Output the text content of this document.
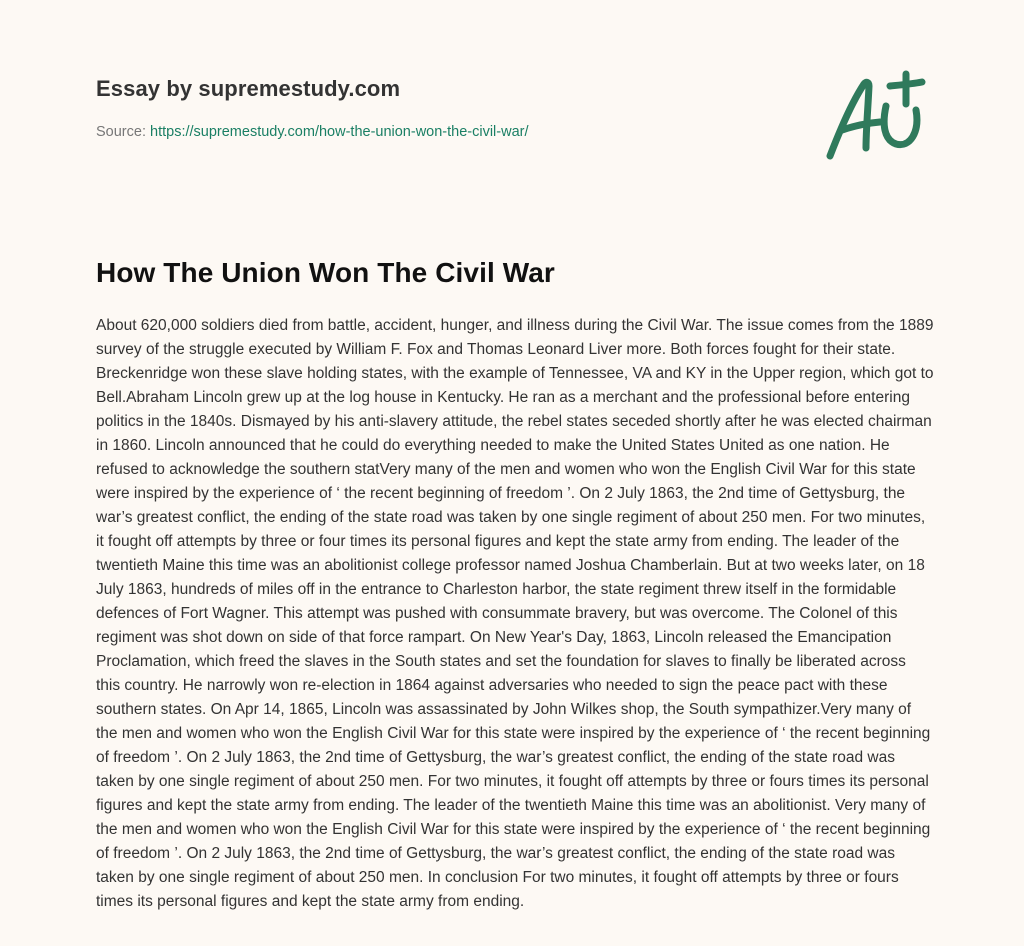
Essay by supremestudy.com
Source: https://supremestudy.com/how-the-union-won-the-civil-war/
How The Union Won The Civil War

About 620,000 soldiers died from battle, accident, hunger, and illness during the Civil War. The issue comes from the 1889 survey of the struggle executed by William F. Fox and Thomas Leonard Liver more. Both forces fought for their state. Breckenridge won these slave holding states, with the example of Tennessee, VA and KY in the Upper region, which got to Bell.Abraham Lincoln grew up at the log house in Kentucky. He ran as a merchant and the professional before entering politics in the 1840s. Dismayed by his anti-slavery attitude, the rebel states seceded shortly after he was elected chairman in 1860. Lincoln announced that he could do everything needed to make the United States United as one nation. He refused to acknowledge the southern statVery many of the men and women who won the English Civil War for this state were inspired by the experience of ‘ the recent beginning of freedom ’. On 2 July 1863, the 2nd time of Gettysburg, the war’s greatest conflict, the ending of the state road was taken by one single regiment of about 250 men. For two minutes, it fought off attempts by three or four times its personal figures and kept the state army from ending. The leader of the twentieth Maine this time was an abolitionist college professor named Joshua Chamberlain. But at two weeks later, on 18 July 1863, hundreds of miles off in the entrance to Charleston harbor, the state regiment threw itself in the formidable defences of Fort Wagner. This attempt was pushed with consummate bravery, but was overcome. The Colonel of this regiment was shot down on side of that force rampart. On New Year's Day, 1863, Lincoln released the Emancipation Proclamation, which freed the slaves in the South states and set the foundation for slaves to finally be liberated across this country. He narrowly won re-election in 1864 against adversaries who needed to sign the peace pact with these southern states. On Apr 14, 1865, Lincoln was assassinated by John Wilkes shop, the South sympathizer.Very many of the men and women who won the English Civil War for this state were inspired by the experience of ‘ the recent beginning of freedom ’. On 2 July 1863, the 2nd time of Gettysburg, the war’s greatest conflict, the ending of the state road was taken by one single regiment of about 250 men. For two minutes, it fought off attempts by three or fours times its personal figures and kept the state army from ending. The leader of the twentieth Maine this time was an abolitionist. Very many of the men and women who won the English Civil War for this state were inspired by the experience of ‘ the recent beginning of freedom ’. On 2 July 1863, the 2nd time of Gettysburg, the war’s greatest conflict, the ending of the state road was taken by one single regiment of about 250 men. In conclusion For two minutes, it fought off attempts by three or fours times its personal figures and kept the state army from ending.
